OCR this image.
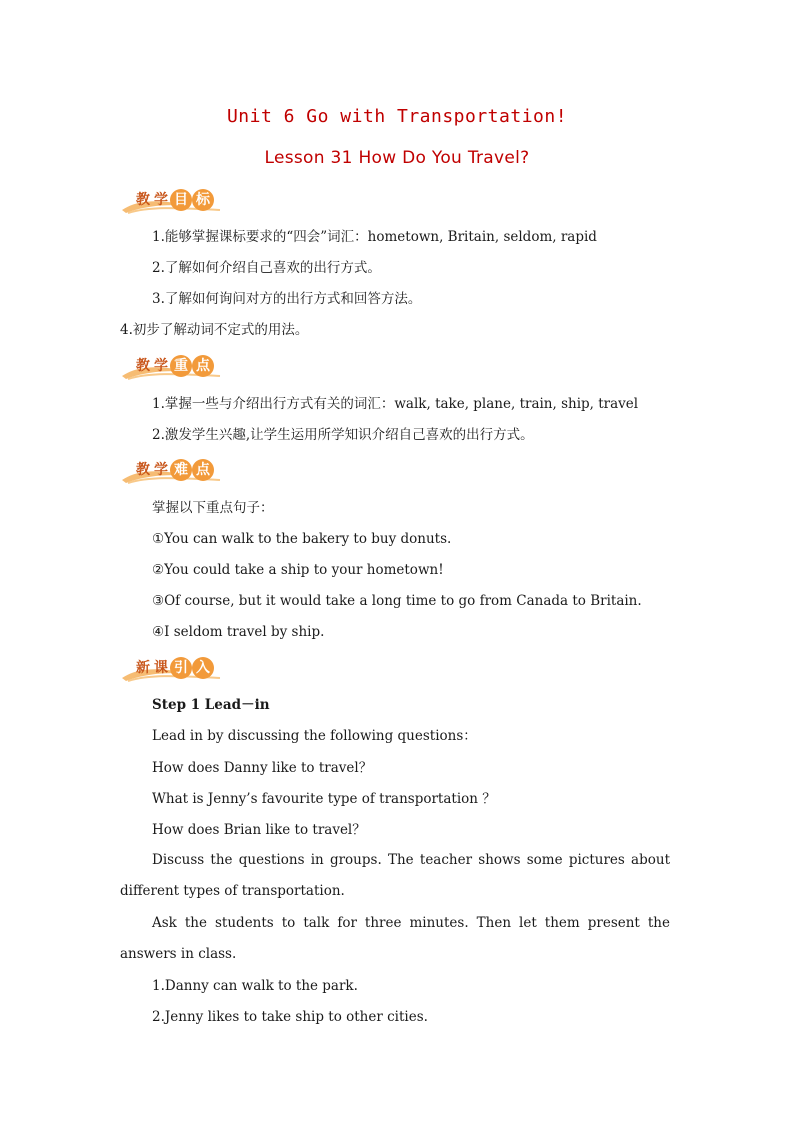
Unit 6 Go with Transportation!
Lesson 31 How Do You Travel?
教 学 目 标
1.能够掌握课标要求的“四会”词汇：hometown, Britain, seldom, rapid
2.了解如何介绍自己喜欢的出行方式。
3.了解如何询问对方的出行方式和回答方法。
4.初步了解动词不定式的用法。
教 学 重 点
1.掌握一些与介绍出行方式有关的词汇：walk, take, plane, train, ship, travel
2.激发学生兴趣,让学生运用所学知识介绍自己喜欢的出行方式。
教 学 难 点
掌握以下重点句子：
①You can walk to the bakery to buy donuts.
②You could take a ship to your hometown!
③Of course, but it would take a long time to go from Canada to Britain.
④I seldom travel by ship.
新 课 引 入
Step 1 Lead－in
Lead in by discussing the following questions：
How does Danny like to travel？
What is Jenny’s favourite type of transportation ？
How does Brian like to travel？
Discuss the questions in groups. The teacher shows some pictures about different types of transportation.
Ask the students to talk for three minutes. Then let them present the answers in class.
1.Danny can walk to the park.
2.Jenny likes to take ship to other cities.
